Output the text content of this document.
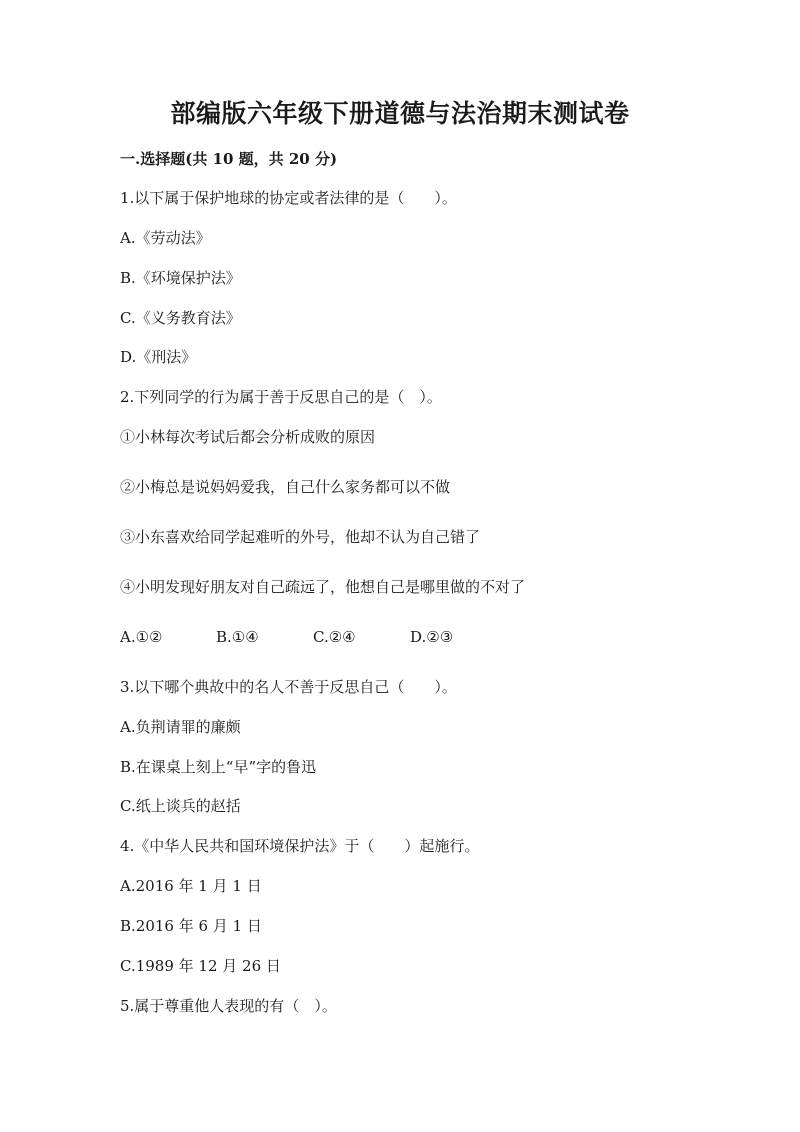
部编版六年级下册道德与法治期末测试卷

一.选择题(共 10 题，共 20 分)

1.以下属于保护地球的协定或者法律的是（　　）。

A.《劳动法》

B.《环境保护法》

C.《义务教育法》

D.《刑法》

2.下列同学的行为属于善于反思自己的是（　）。

①小林每次考试后都会分析成败的原因

②小梅总是说妈妈爱我，自己什么家务都可以不做

③小东喜欢给同学起难听的外号，他却不认为自己错了

④小明发现好朋友对自己疏远了，他想自己是哪里做的不对了

A.①②	B.①④	C.②④	D.②③

3.以下哪个典故中的名人不善于反思自己（　　）。

A.负荆请罪的廉颇

B.在课桌上刻上“早”字的鲁迅

C.纸上谈兵的赵括

4.《中华人民共和国环境保护法》于（　　）起施行。

A.2016 年 1 月 1 日

B.2016 年 6 月 1 日

C.1989 年 12 月 26 日

5.属于尊重他人表现的有（　）。
